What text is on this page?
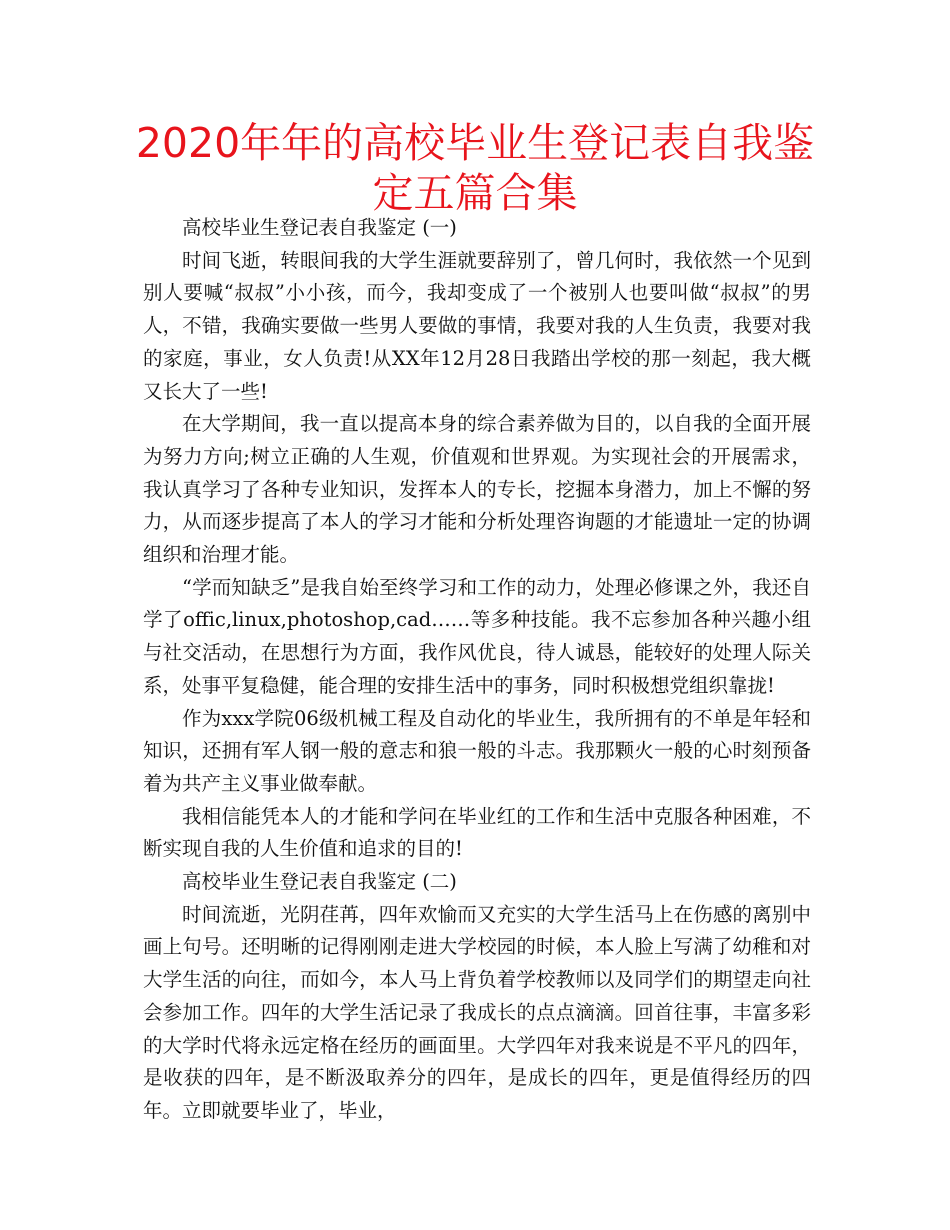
2020年年的高校毕业生登记表自我鉴定五篇合集

高校毕业生登记表自我鉴定 (一)

时间飞逝，转眼间我的大学生涯就要辞别了，曾几何时，我依然一个见到别人要喊“叔叔”小小孩，而今，我却变成了一个被别人也要叫做“叔叔”的男人，不错，我确实要做一些男人要做的事情，我要对我的人生负责，我要对我的家庭，事业，女人负责!从XX年12月28日我踏出学校的那一刻起，我大概又长大了一些!

在大学期间，我一直以提高本身的综合素养做为目的，以自我的全面开展为努力方向;树立正确的人生观，价值观和世界观。为实现社会的开展需求，我认真学习了各种专业知识，发挥本人的专长，挖掘本身潜力，加上不懈的努力，从而逐步提高了本人的学习才能和分析处理咨询题的才能遗址一定的协调组织和治理才能。

“学而知缺乏”是我自始至终学习和工作的动力，处理必修课之外，我还自学了offic,linux,photoshop,cad……等多种技能。我不忘参加各种兴趣小组与社交活动，在思想行为方面，我作风优良，待人诚恳，能较好的处理人际关系，处事平复稳健，能合理的安排生活中的事务，同时积极想党组织靠拢!

作为xxx学院06级机械工程及自动化的毕业生，我所拥有的不单是年轻和知识，还拥有军人钢一般的意志和狼一般的斗志。我那颗火一般的心时刻预备着为共产主义事业做奉献。

我相信能凭本人的才能和学问在毕业红的工作和生活中克服各种困难，不断实现自我的人生价值和追求的目的!

高校毕业生登记表自我鉴定 (二)

时间流逝，光阴荏苒，四年欢愉而又充实的大学生活马上在伤感的离别中画上句号。还明晰的记得刚刚走进大学校园的时候，本人脸上写满了幼稚和对大学生活的向往，而如今，本人马上背负着学校教师以及同学们的期望走向社会参加工作。四年的大学生活记录了我成长的点点滴滴。回首往事，丰富多彩的大学时代将永远定格在经历的画面里。大学四年对我来说是不平凡的四年，是收获的四年，是不断汲取养分的四年，是成长的四年，更是值得经历的四年。立即就要毕业了，毕业，
